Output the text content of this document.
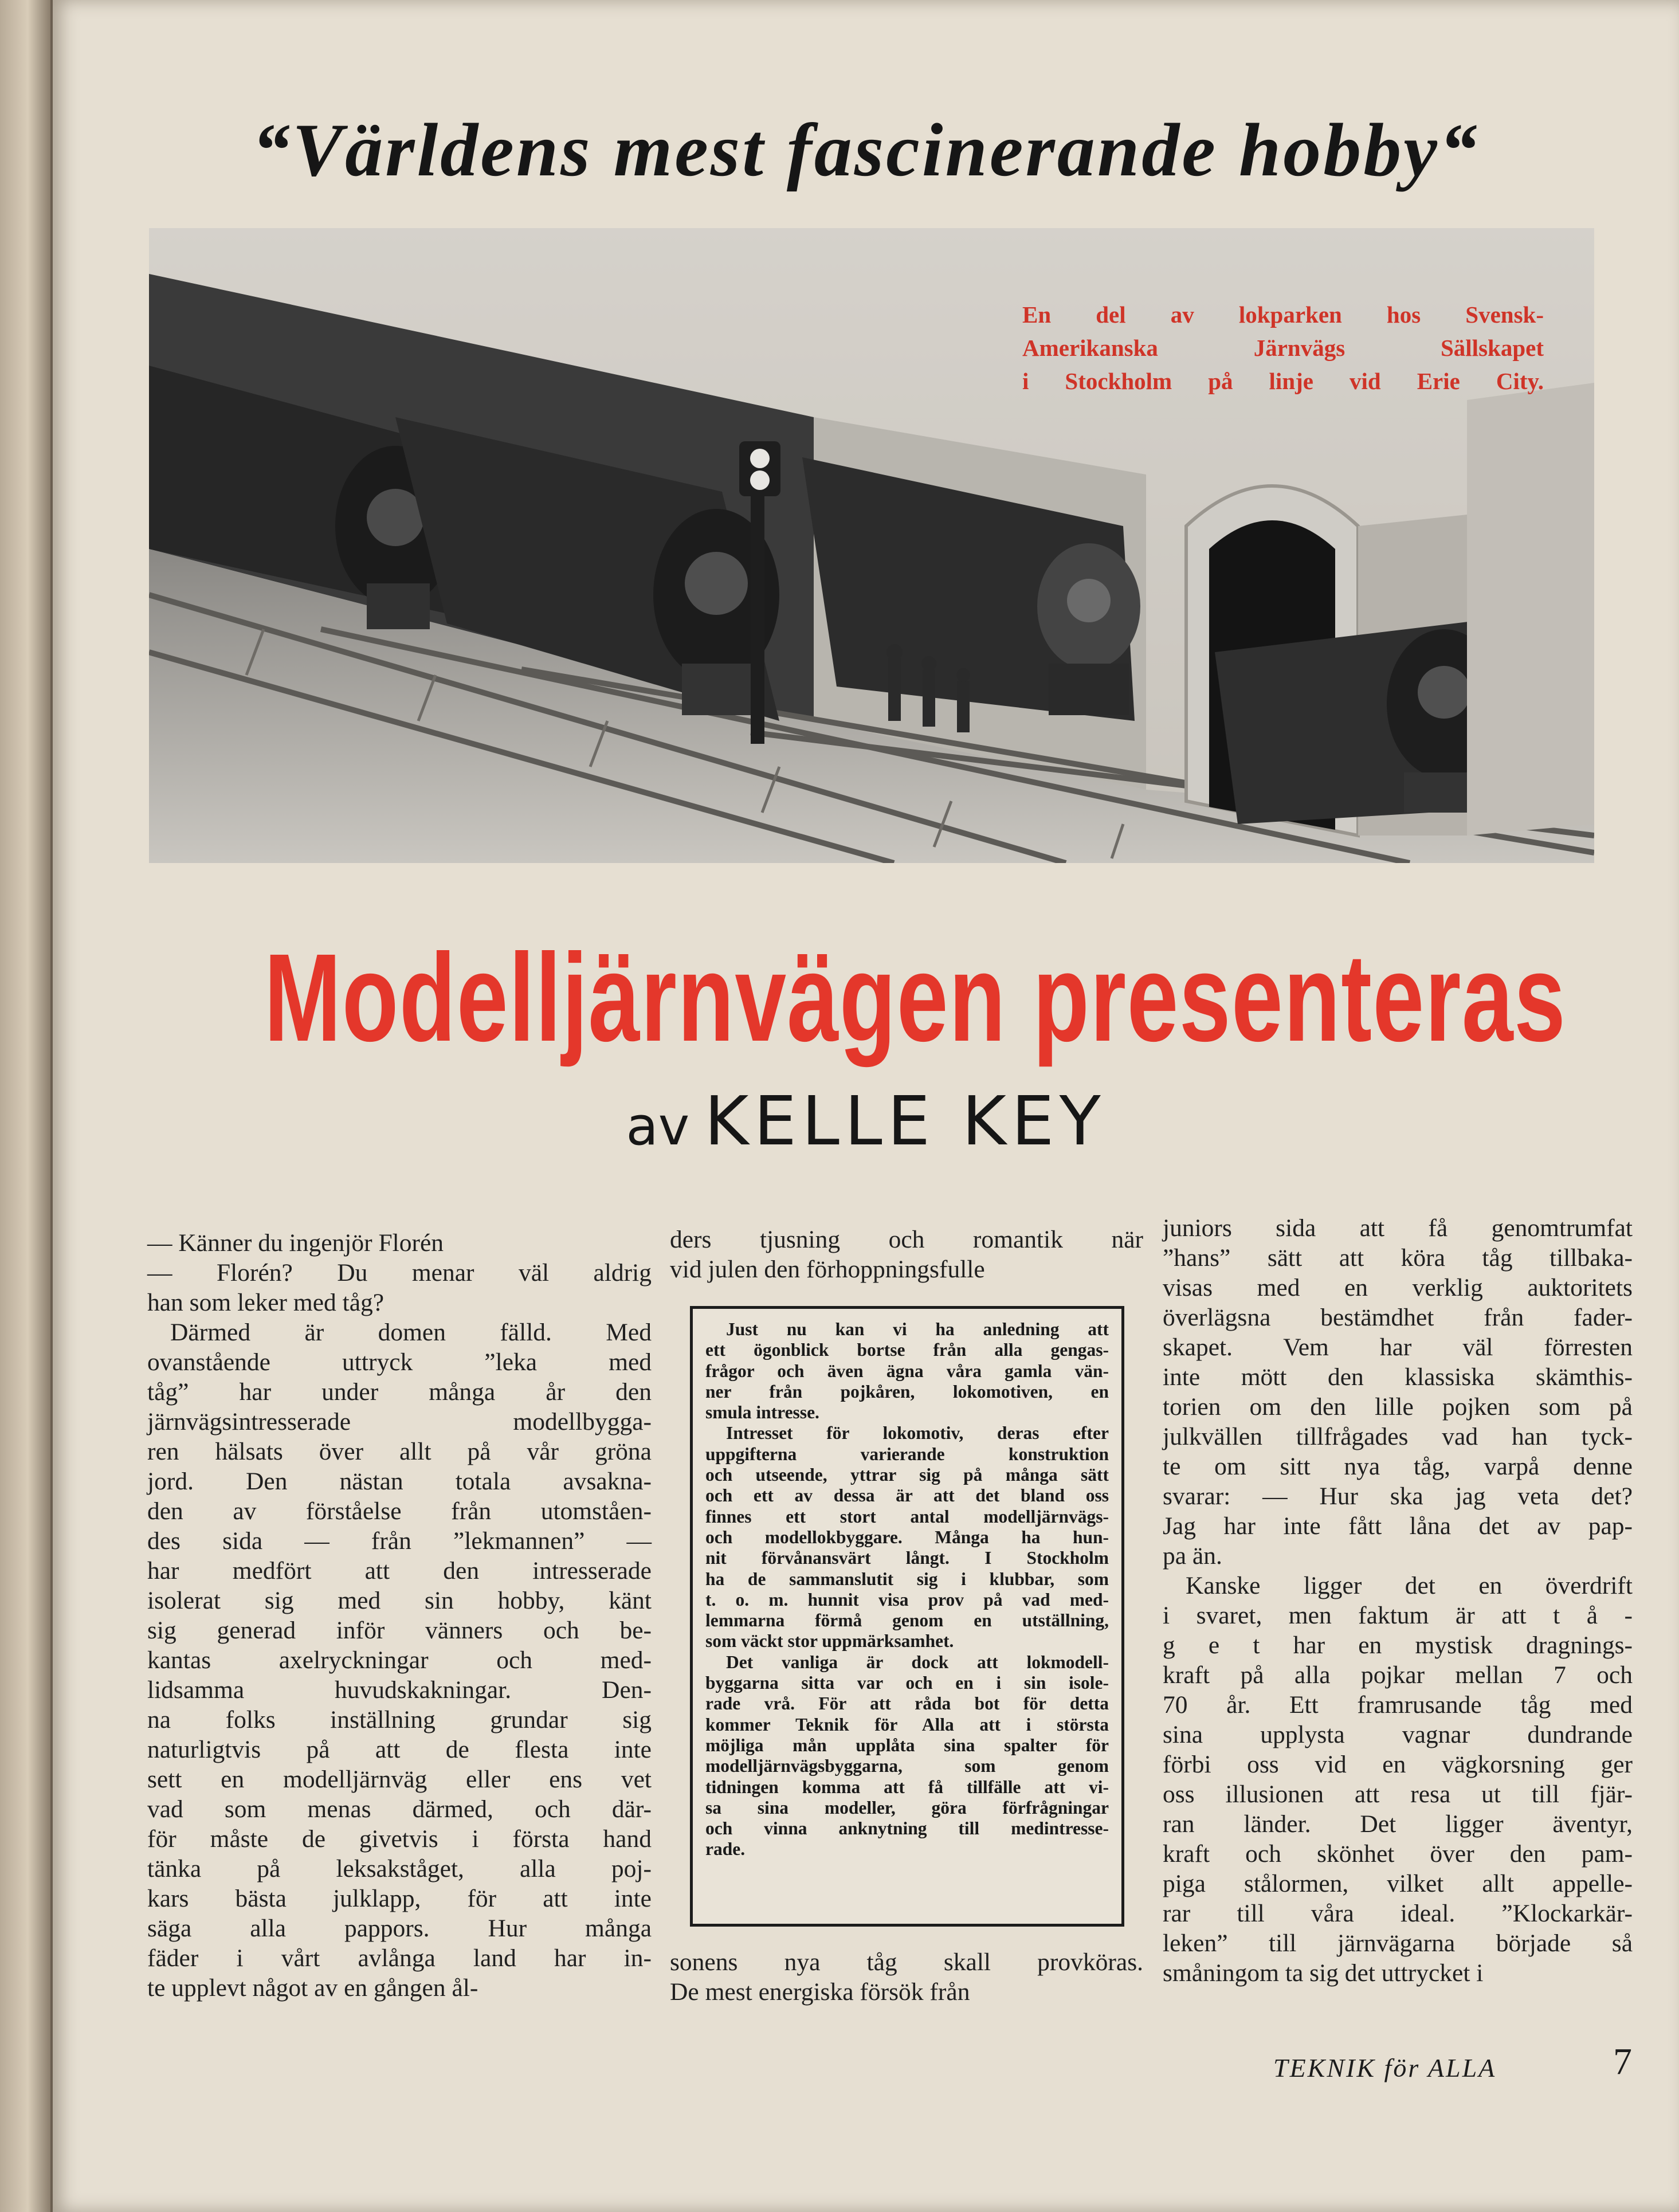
“Världens mest fascinerande hobby“
En del av lokparken hos Svensk-
Amerikanska Järnvägs Sällskapet
i Stockholm på linje vid Erie City.
Modelljärnvägen presenteras
av KELLE KEY
— Känner du ingenjör Florén
— Florén? Du menar väl aldrig
han som leker med tåg?
Därmed är domen fälld. Med
ovanstående uttryck ”leka med
tåg” har under många år den
järnvägsintresserade modellbygga-
ren hälsats över allt på vår gröna
jord. Den nästan totala avsakna-
den av förståelse från utomståen-
des sida — från ”lekmannen” —
har medfört att den intresserade
isolerat sig med sin hobby, känt
sig generad inför vänners och be-
kantas axelryckningar och med-
lidsamma huvudskakningar. Den-
na folks inställning grundar sig
naturligtvis på att de flesta inte
sett en modelljärnväg eller ens vet
vad som menas därmed, och där-
för måste de givetvis i första hand
tänka på leksakståget, alla poj-
kars bästa julklapp, för att inte
säga alla pappors. Hur många
fäder i vårt avlånga land har in-
te upplevt något av en gången ål-
ders tjusning och romantik när
vid julen den förhoppningsfulle
Just nu kan vi ha anledning att
ett ögonblick bortse från alla gengas-
frågor och även ägna våra gamla vän-
ner från pojkåren, lokomotiven, en
smula intresse.
Intresset för lokomotiv, deras efter
uppgifterna varierande konstruktion
och utseende, yttrar sig på många sätt
och ett av dessa är att det bland oss
finnes ett stort antal modelljärnvägs-
och modellokbyggare. Många ha hun-
nit förvånansvärt långt. I Stockholm
ha de sammanslutit sig i klubbar, som
t. o. m. hunnit visa prov på vad med-
lemmarna förmå genom en utställning,
som väckt stor uppmärksamhet.
Det vanliga är dock att lokmodell-
byggarna sitta var och en i sin isole-
rade vrå. För att råda bot för detta
kommer Teknik för Alla att i största
möjliga mån upplåta sina spalter för
modelljärnvägsbyggarna, som genom
tidningen komma att få tillfälle att vi-
sa sina modeller, göra förfrågningar
och vinna anknytning till medintresse-
rade.
sonens nya tåg skall provköras.
De mest energiska försök från
juniors sida att få genomtrumfat
”hans” sätt att köra tåg tillbaka-
visas med en verklig auktoritets
överlägsna bestämdhet från fader-
skapet. Vem har väl förresten
inte mött den klassiska skämthis-
torien om den lille pojken som på
julkvällen tillfrågades vad han tyck-
te om sitt nya tåg, varpå denne
svarar: — Hur ska jag veta det?
Jag har inte fått låna det av pap-
pa än.
Kanske ligger det en överdrift
i svaret, men faktum är att t å -
g e t har en mystisk dragnings-
kraft på alla pojkar mellan 7 och
70 år. Ett framrusande tåg med
sina upplysta vagnar dundrande
förbi oss vid en vägkorsning ger
oss illusionen att resa ut till fjär-
ran länder. Det ligger äventyr,
kraft och skönhet över den pam-
piga stålormen, vilket allt appelle-
rar till våra ideal. ”Klockarkär-
leken” till järnvägarna började så
småningom ta sig det uttrycket i
TEKNIK för ALLA	7
